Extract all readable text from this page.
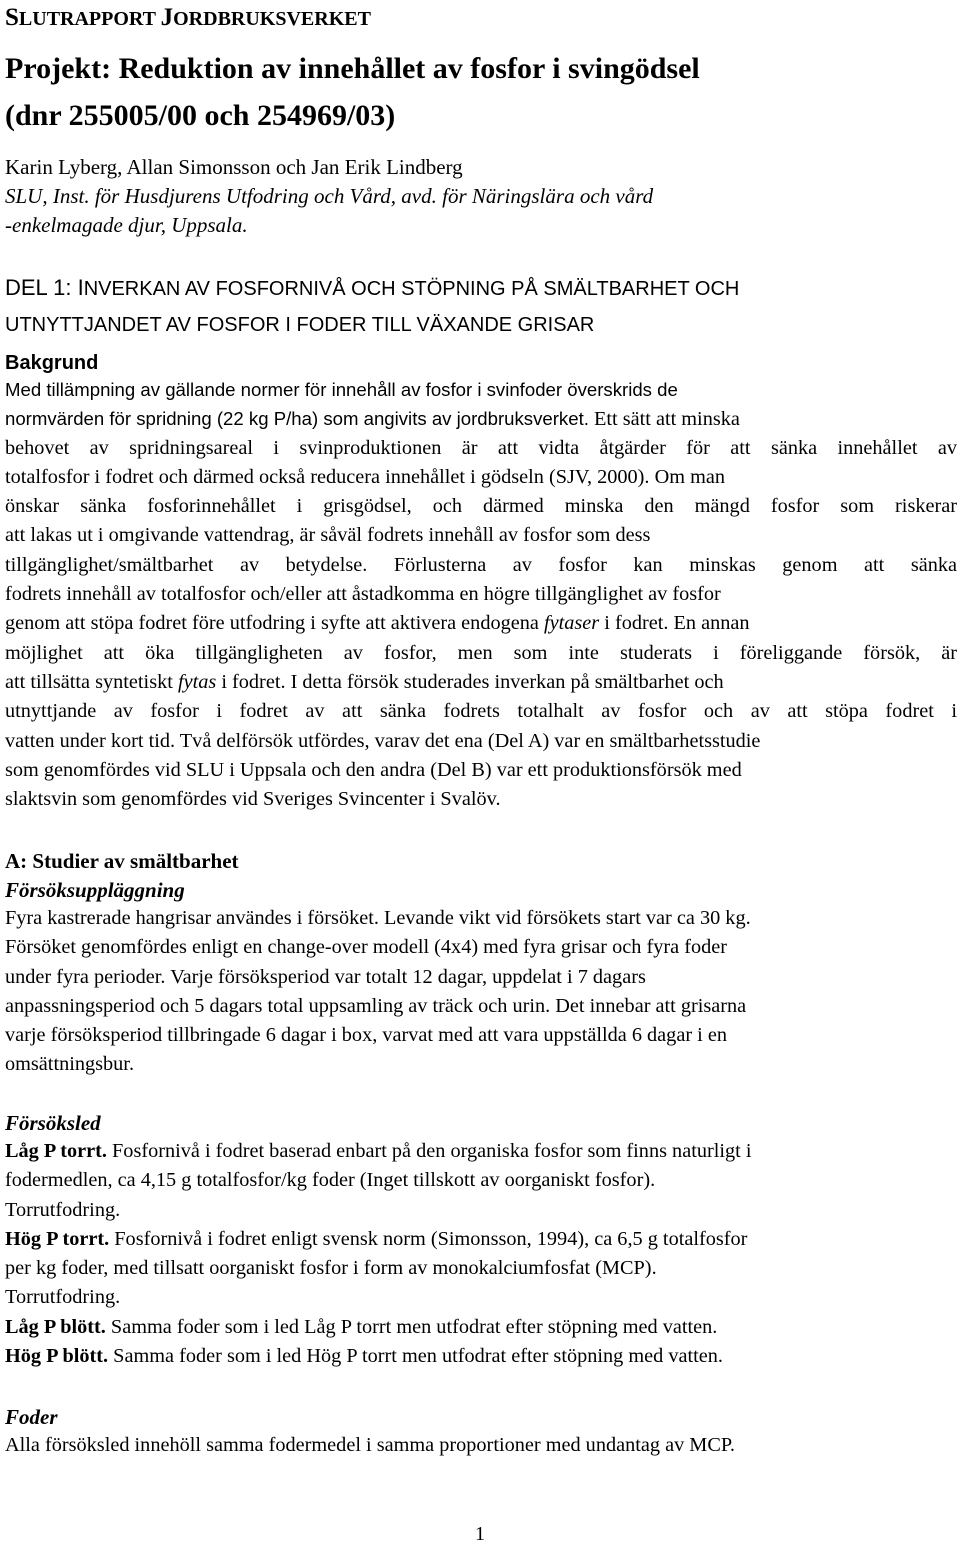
SLUTRAPPORT JORDBRUKSVERKET
Projekt: Reduktion av innehållet av fosfor i svingödsel
(dnr 255005/00 och 254969/03)
Karin Lyberg, Allan Simonsson och Jan Erik Lindberg
SLU, Inst. för Husdjurens Utfodring och Vård, avd. för Näringslära och vård
-enkelmagade djur, Uppsala.
DEL 1: INVERKAN AV FOSFORNIVÅ OCH STÖPNING PÅ SMÄLTBARHET OCH
UTNYTTJANDET AV FOSFOR I FODER TILL VÄXANDE GRISAR
Bakgrund
Med tillämpning av gällande normer för innehåll av fosfor i svinfoder överskrids de
normvärden för spridning (22 kg P/ha) som angivits av jordbruksverket. Ett sätt att minska
behovet av spridningsareal i svinproduktionen är att vidta åtgärder för att sänka innehållet av
totalfosfor i fodret och därmed också reducera innehållet i gödseln (SJV, 2000). Om man
önskar sänka fosforinnehållet i grisgödsel, och därmed minska den mängd fosfor som riskerar
att lakas ut i omgivande vattendrag, är såväl fodrets innehåll av fosfor som dess
tillgänglighet/smältbarhet av betydelse. Förlusterna av fosfor kan minskas genom att sänka
fodrets innehåll av totalfosfor och/eller att åstadkomma en högre tillgänglighet av fosfor
genom att stöpa fodret före utfodring i syfte att aktivera endogena fytaser i fodret. En annan
möjlighet att öka tillgängligheten av fosfor, men som inte studerats i föreliggande försök, är
att tillsätta syntetiskt fytas i fodret. I detta försök studerades inverkan på smältbarhet och
utnyttjande av fosfor i fodret av att sänka fodrets totalhalt av fosfor och av att stöpa fodret i
vatten under kort tid. Två delförsök utfördes, varav det ena (Del A) var en smältbarhetsstudie
som genomfördes vid SLU i Uppsala och den andra (Del B) var ett produktionsförsök med
slaktsvin som genomfördes vid Sveriges Svincenter i Svalöv.
A: Studier av smältbarhet
Försöksuppläggning
Fyra kastrerade hangrisar användes i försöket. Levande vikt vid försökets start var ca 30 kg.
Försöket genomfördes enligt en change-over modell (4x4) med fyra grisar och fyra foder
under fyra perioder. Varje försöksperiod var totalt 12 dagar, uppdelat i 7 dagars
anpassningsperiod och 5 dagars total uppsamling av träck och urin. Det innebar att grisarna
varje försöksperiod tillbringade 6 dagar i box, varvat med att vara uppställda 6 dagar i en
omsättningsbur.
Försöksled
Låg P torrt. Fosfornivå i fodret baserad enbart på den organiska fosfor som finns naturligt i
fodermedlen, ca 4,15 g totalfosfor/kg foder (Inget tillskott av oorganiskt fosfor).
Torrutfodring.
Hög P torrt. Fosfornivå i fodret enligt svensk norm (Simonsson, 1994), ca 6,5 g totalfosfor
per kg foder, med tillsatt oorganiskt fosfor i form av monokalciumfosfat (MCP).
Torrutfodring.
Låg P blött. Samma foder som i led Låg P torrt men utfodrat efter stöpning med vatten.
Hög P blött. Samma foder som i led Hög P torrt men utfodrat efter stöpning med vatten.
Foder
Alla försöksled innehöll samma fodermedel i samma proportioner med undantag av MCP.
1
